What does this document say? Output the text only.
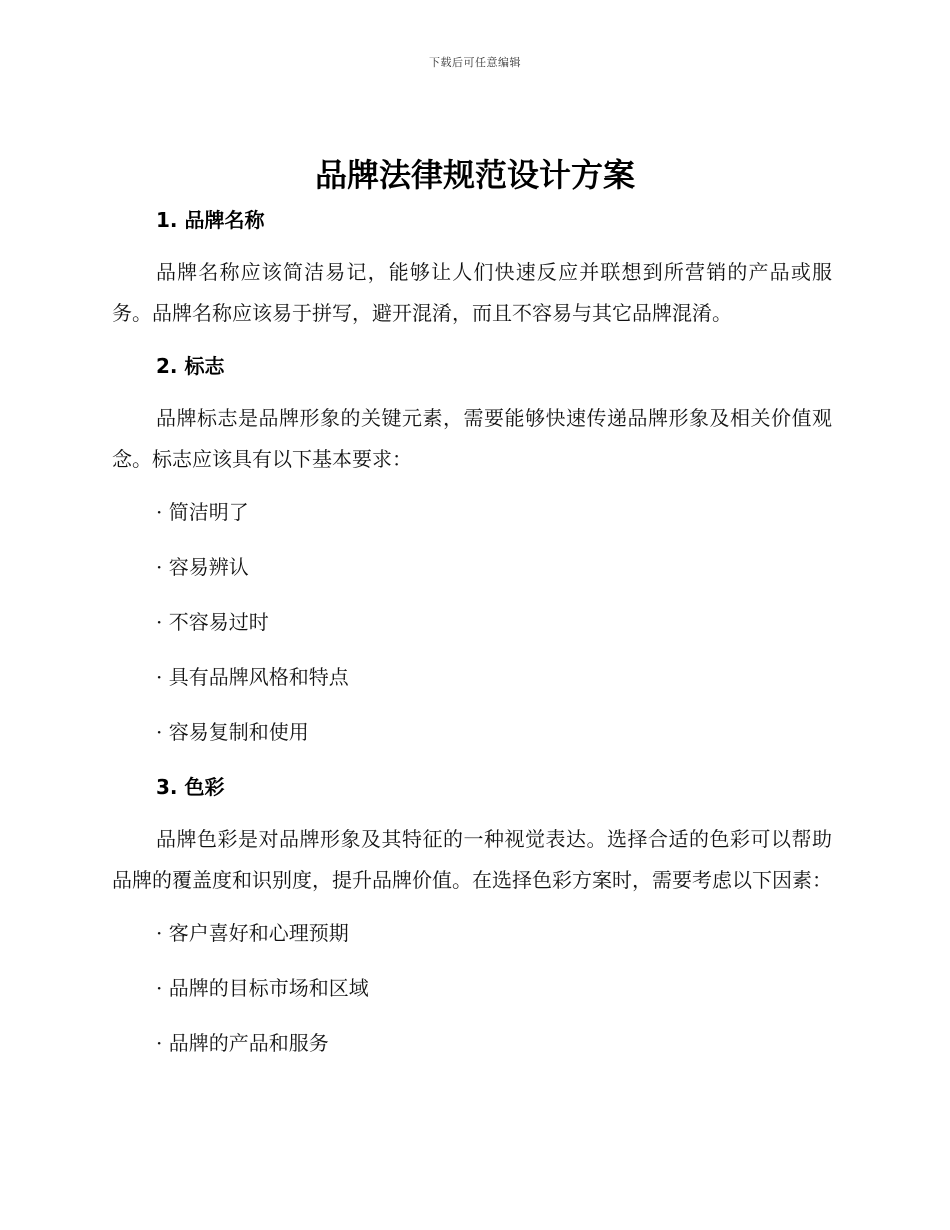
下载后可任意编辑
品牌法律规范设计方案
1. 品牌名称

品牌名称应该简洁易记，能够让人们快速反应并联想到所营销的产品或服务。品牌名称应该易于拼写，避开混淆，而且不容易与其它品牌混淆。

2. 标志

品牌标志是品牌形象的关键元素，需要能够快速传递品牌形象及相关价值观念。标志应该具有以下基本要求：

· 简洁明了
· 容易辨认
· 不容易过时
· 具有品牌风格和特点
· 容易复制和使用
3. 色彩

品牌色彩是对品牌形象及其特征的一种视觉表达。选择合适的色彩可以帮助品牌的覆盖度和识别度，提升品牌价值。在选择色彩方案时，需要考虑以下因素：

· 客户喜好和心理预期
· 品牌的目标市场和区域
· 品牌的产品和服务
